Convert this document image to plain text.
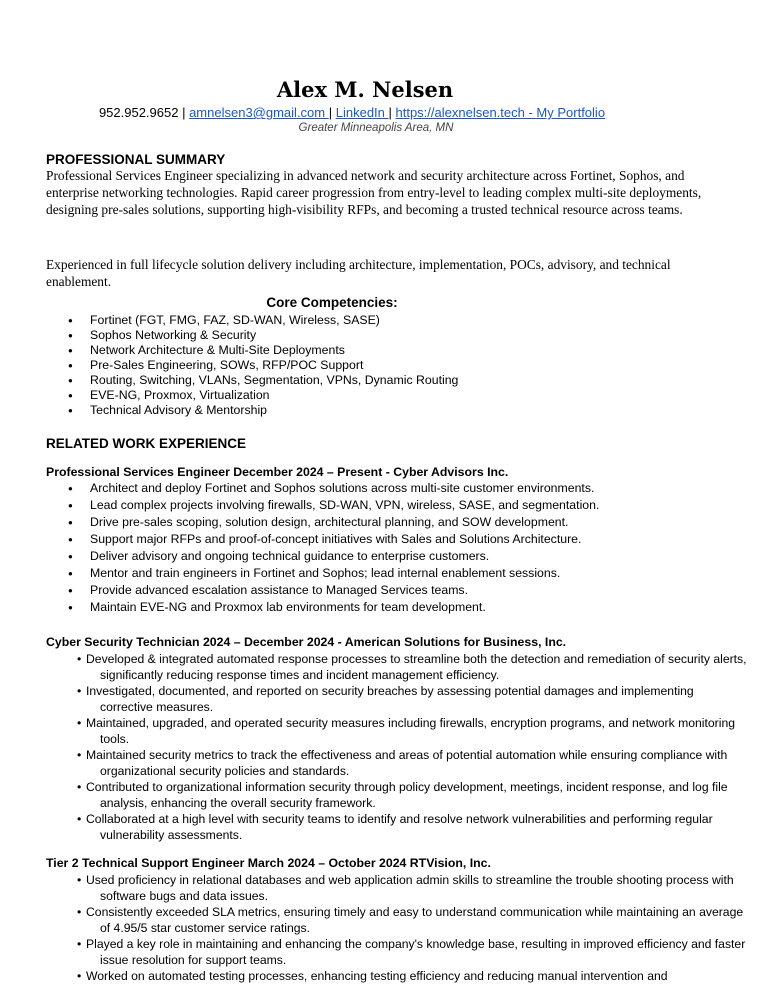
Alex M. Nelsen
952.952.9652 | amnelsen3@gmail.com | LinkedIn | https://alexnelsen.tech - My Portfolio
Greater Minneapolis Area, MN
PROFESSIONAL SUMMARY

Professional Services Engineer specializing in advanced network and security architecture across Fortinet, Sophos, and enterprise networking technologies. Rapid career progression from entry-level to leading complex multi-site deployments, designing pre-sales solutions, supporting high-visibility RFPs, and becoming a trusted technical resource across teams.

Experienced in full lifecycle solution delivery including architecture, implementation, POCs, advisory, and technical enablement.

Core Competencies:
● Fortinet (FGT, FMG, FAZ, SD-WAN, Wireless, SASE)
● Sophos Networking & Security
● Network Architecture & Multi-Site Deployments
● Pre-Sales Engineering, SOWs, RFP/POC Support
● Routing, Switching, VLANs, Segmentation, VPNs, Dynamic Routing
● EVE-NG, Proxmox, Virtualization
● Technical Advisory & Mentorship
RELATED WORK EXPERIENCE
Professional Services Engineer December 2024 – Present - Cyber Advisors Inc.
● Architect and deploy Fortinet and Sophos solutions across multi-site customer environments.
● Lead complex projects involving firewalls, SD-WAN, VPN, wireless, SASE, and segmentation.
● Drive pre-sales scoping, solution design, architectural planning, and SOW development.
● Support major RFPs and proof-of-concept initiatives with Sales and Solutions Architecture.
● Deliver advisory and ongoing technical guidance to enterprise customers.
● Mentor and train engineers in Fortinet and Sophos; lead internal enablement sessions.
● Provide advanced escalation assistance to Managed Services teams.
● Maintain EVE-NG and Proxmox lab environments for team development.
Cyber Security Technician 2024 – December 2024 - American Solutions for Business, Inc.
• Developed & integrated automated response processes to streamline both the detection and remediation of security alerts, significantly reducing response times and incident management efficiency.
• Investigated, documented, and reported on security breaches by assessing potential damages and implementing corrective measures.
• Maintained, upgraded, and operated security measures including firewalls, encryption programs, and network monitoring tools.
• Maintained security metrics to track the effectiveness and areas of potential automation while ensuring compliance with organizational security policies and standards.
• Contributed to organizational information security through policy development, meetings, incident response, and log file analysis, enhancing the overall security framework.
• Collaborated at a high level with security teams to identify and resolve network vulnerabilities and performing regular vulnerability assessments.
Tier 2 Technical Support Engineer March 2024 – October 2024 RTVision, Inc.
• Used proficiency in relational databases and web application admin skills to streamline the trouble shooting process with software bugs and data issues.
• Consistently exceeded SLA metrics, ensuring timely and easy to understand communication while maintaining an average of 4.95/5 star customer service ratings.
• Played a key role in maintaining and enhancing the company's knowledge base, resulting in improved efficiency and faster issue resolution for support teams.
• Worked on automated testing processes, enhancing testing efficiency and reducing manual intervention and
